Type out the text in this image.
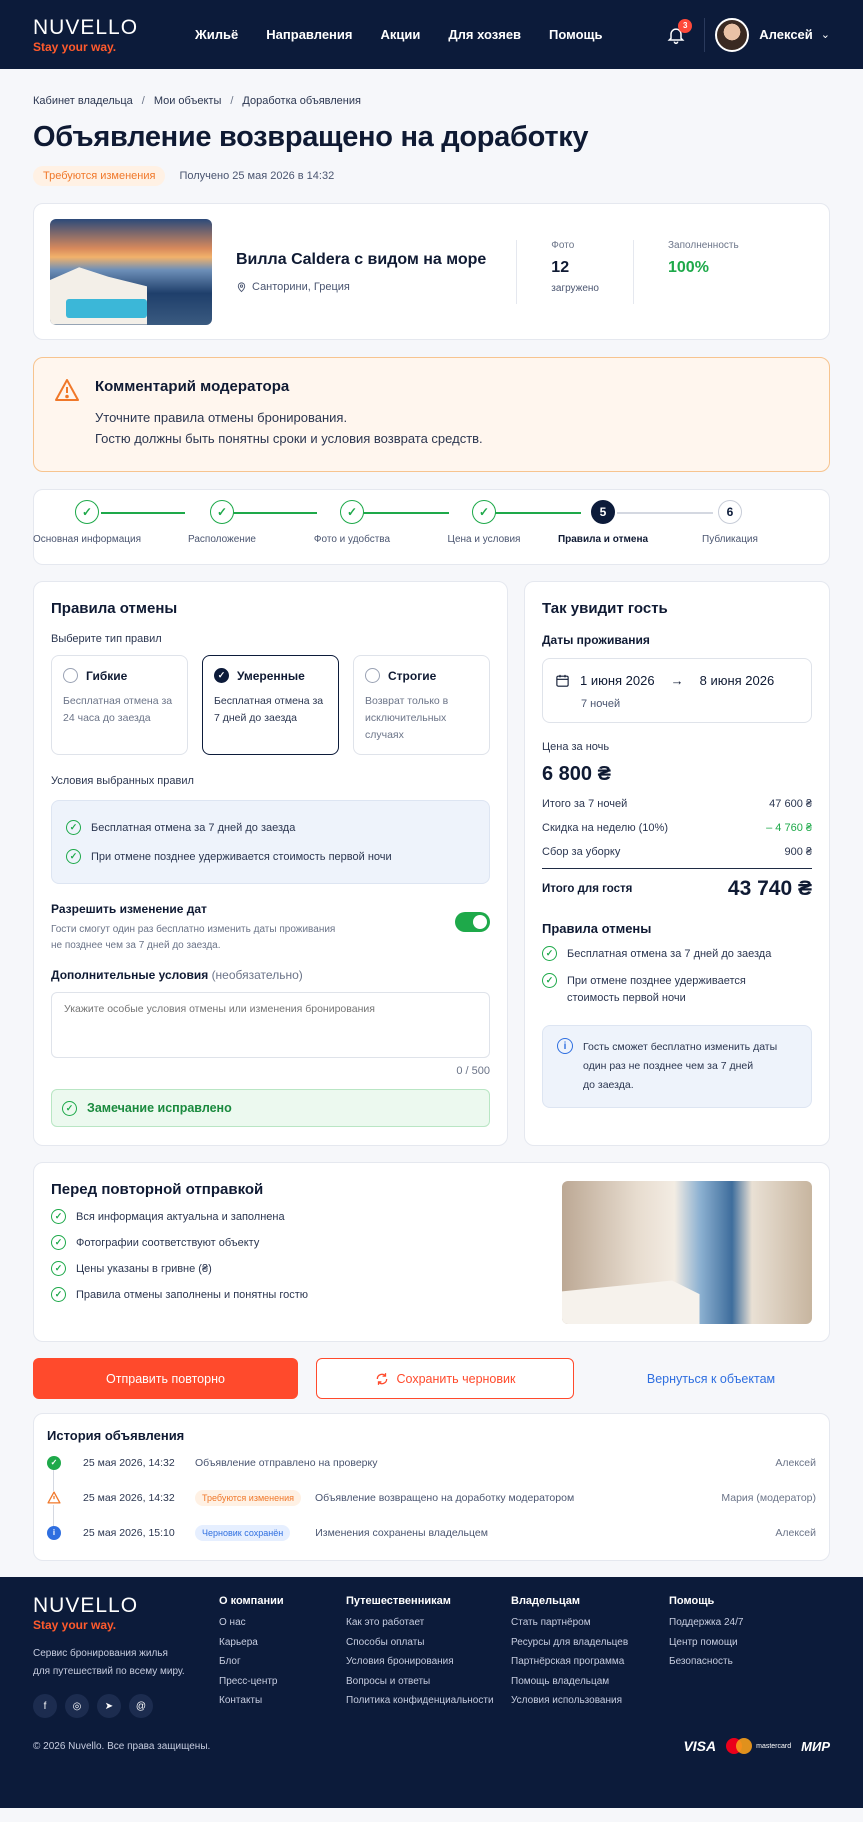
NUVELLO
Stay your way.
Жильё Направления Акции Для хозяев Помощь
3
Алексей ⌄
Кабинет владельца / Мои объекты / Доработка объявления
Объявление возвращено на доработку
Требуются изменения	Получено 25 мая 2026 в 14:32
Вилла Caldera с видом на море
Санторини, Греция
Фото
12
загружено
Заполненность
100%
Комментарий модератора
Уточните правила отмены бронирования.
Гостю должны быть понятны сроки и условия возврата средств.
✓
Основная информация
✓
Расположение
✓
Фото и удобства
✓
Цена и условия
5
Правила и отмена
6
Публикация
Правила отмены
Выберите тип правил
Гибкие
Бесплатная отмена за 24 часа до заезда
✓ Умеренные
Бесплатная отмена за 7 дней до заезда
Строгие
Возврат только в исключительных случаях
Условия выбранных правил
✓	Бесплатная отмена за 7 дней до заезда
✓	При отмене позднее удерживается стоимость первой ночи
Разрешить изменение дат
Гости смогут один раз бесплатно изменить даты проживания
не позднее чем за 7 дней до заезда.
Дополнительные условия (необязательно)
Укажите особые условия отмены или изменения бронирования
0 / 500
✓ Замечание исправлено
Так увидит гость
Даты проживания
1 июня 2026 → 8 июня 2026
7 ночей
Цена за ночь
6 800 ₴
Итого за 7 ночей	47 600 ₴
Скидка на неделю (10%)	– 4 760 ₴
Сбор за уборку	900 ₴
Итого для гостя	43 740 ₴
Правила отмены
✓	Бесплатная отмена за 7 дней до заезда
✓	При отмене позднее удерживается
стоимость первой ночи
i	Гость сможет бесплатно изменить даты
один раз не позднее чем за 7 дней
до заезда.
Перед повторной отправкой
✓	Вся информация актуальна и заполнена
✓	Фотографии соответствуют объекту
✓	Цены указаны в гривне (₴)
✓	Правила отмены заполнены и понятны гостю
Отправить повторно	Сохранить черновик	Вернуться к объектам
История объявления
✓	25 мая 2026, 14:32	Объявление отправлено на проверку	Алексей
25 мая 2026, 14:32	Требуются изменения	Объявление возвращено на доработку модератором	Мария (модератор)
i	25 мая 2026, 15:10	Черновик сохранён	Изменения сохранены владельцем	Алексей
NUVELLO
Stay your way.
Сервис бронирования жилья
для путешествий по всему миру.
f	◎	➤	@
О компании
О нас
Карьера
Блог
Пресс-центр
Контакты
Путешественникам
Как это работает
Способы оплаты
Условия бронирования
Вопросы и ответы
Политика конфиденциальности
Владельцам
Стать партнёром
Ресурсы для владельцев
Партнёрская программа
Помощь владельцам
Условия использования
Помощь
Поддержка 24/7
Центр помощи
Безопасность
© 2026 Nuvello. Все права защищены.	VISA	mastercard МИР
